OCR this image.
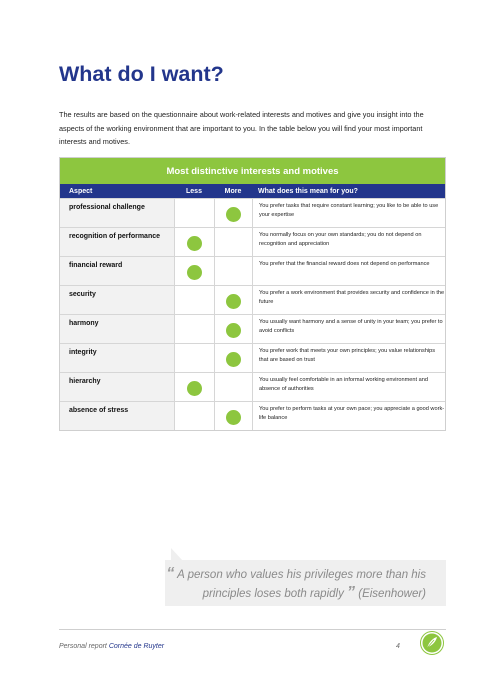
What do I want?

The results are based on the questionnaire about work-related interests and motives and give you insight into the aspects of the working environment that are important to you. In the table below you will find your most important interests and motives.

Most distinctive interests and motives
Aspect	Less	More	What does this mean for you?
professional challenge	You prefer tasks that require constant learning; you like to be able to use your expertise
recognition of performance	You normally focus on your own standards; you do not depend on recognition and appreciation
financial reward	You prefer that the financial reward does not depend on performance
security	You prefer a work environment that provides security and confidence in the future
harmony	You usually want harmony and a sense of unity in your team; you prefer to avoid conflicts
integrity	You prefer work that meets your own principles; you value relationships that are based on trust
hierarchy	You usually feel comfortable in an informal working environment and absence of authorities
absence of stress	You prefer to perform tasks at your own pace; you appreciate a good work-life balance
“ A person who values his privileges more than his
principles loses both rapidly ” (Eisenhower)
Personal report Cornée de Ruyter	4
